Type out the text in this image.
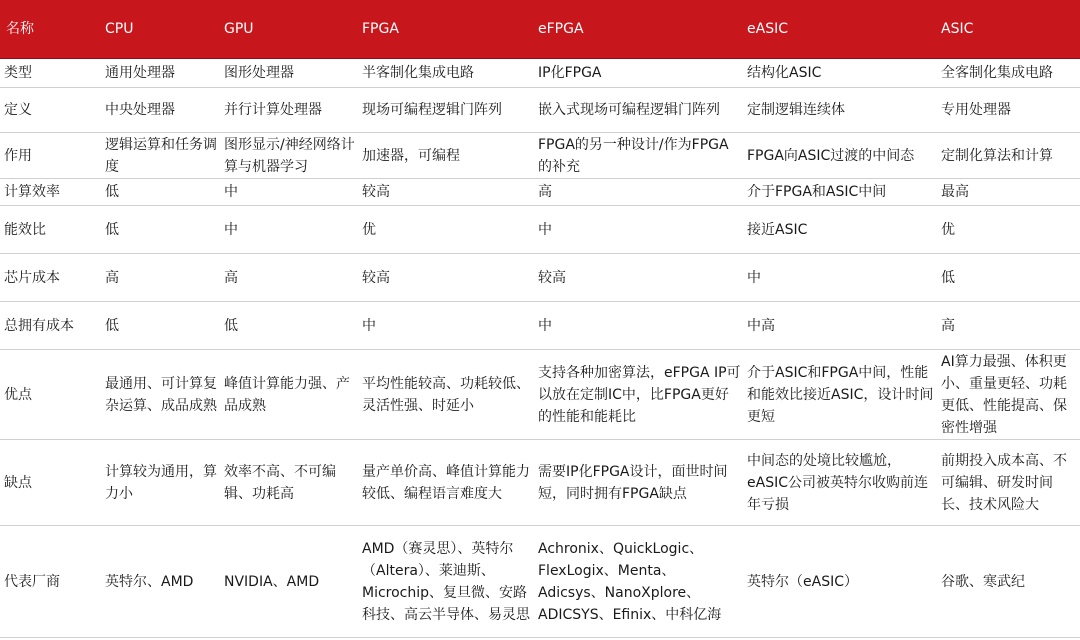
名称	CPU	GPU	FPGA	eFPGA	eASIC	ASIC
类型	通用处理器	图形处理器	半客制化集成电路	IP化FPGA	结构化ASIC	全客制化集成电路
定义	中央处理器	并行计算处理器	现场可编程逻辑门阵列	嵌入式现场可编程逻辑门阵列	定制逻辑连续体	专用处理器
作用	逻辑运算和任务调度	图形显示/神经网络计算与机器学习	加速器，可编程	FPGA的另一种设计/作为FPGA的补充	FPGA向ASIC过渡的中间态	定制化算法和计算
计算效率	低	中	较高	高	介于FPGA和ASIC中间	最高
能效比	低	中	优	中	接近ASIC	优
芯片成本	高	高	较高	较高	中	低
总拥有成本	低	低	中	中	中高	高
优点	最通用、可计算复杂运算、成品成熟	峰值计算能力强、产品成熟	平均性能较高、功耗较低、灵活性强、时延小	支持各种加密算法，eFPGA IP可以放在定制IC中，比FPGA更好的性能和能耗比	介于ASIC和FPGA中间，性能和能效比接近ASIC，设计时间更短	AI算力最强、体积更小、重量更轻、功耗更低、性能提高、保密性增强
缺点	计算较为通用，算力小	效率不高、不可编辑、功耗高	量产单价高、峰值计算能力较低、编程语言难度大	需要IP化FPGA设计，面世时间短，同时拥有FPGA缺点	中间态的处境比较尴尬，eASIC公司被英特尔收购前连年亏损	前期投入成本高、不可编辑、研发时间长、技术风险大
代表厂商	英特尔、AMD	NVIDIA、AMD	AMD（赛灵思）、英特尔（Altera）、莱迪斯、Microchip、复旦微、安路科技、高云半导体、易灵思	Achronix、QuickLogic、FlexLogix、Menta、Adicsys、NanoXplore、ADICSYS、Efinix、中科亿海	英特尔（eASIC）	谷歌、寒武纪
